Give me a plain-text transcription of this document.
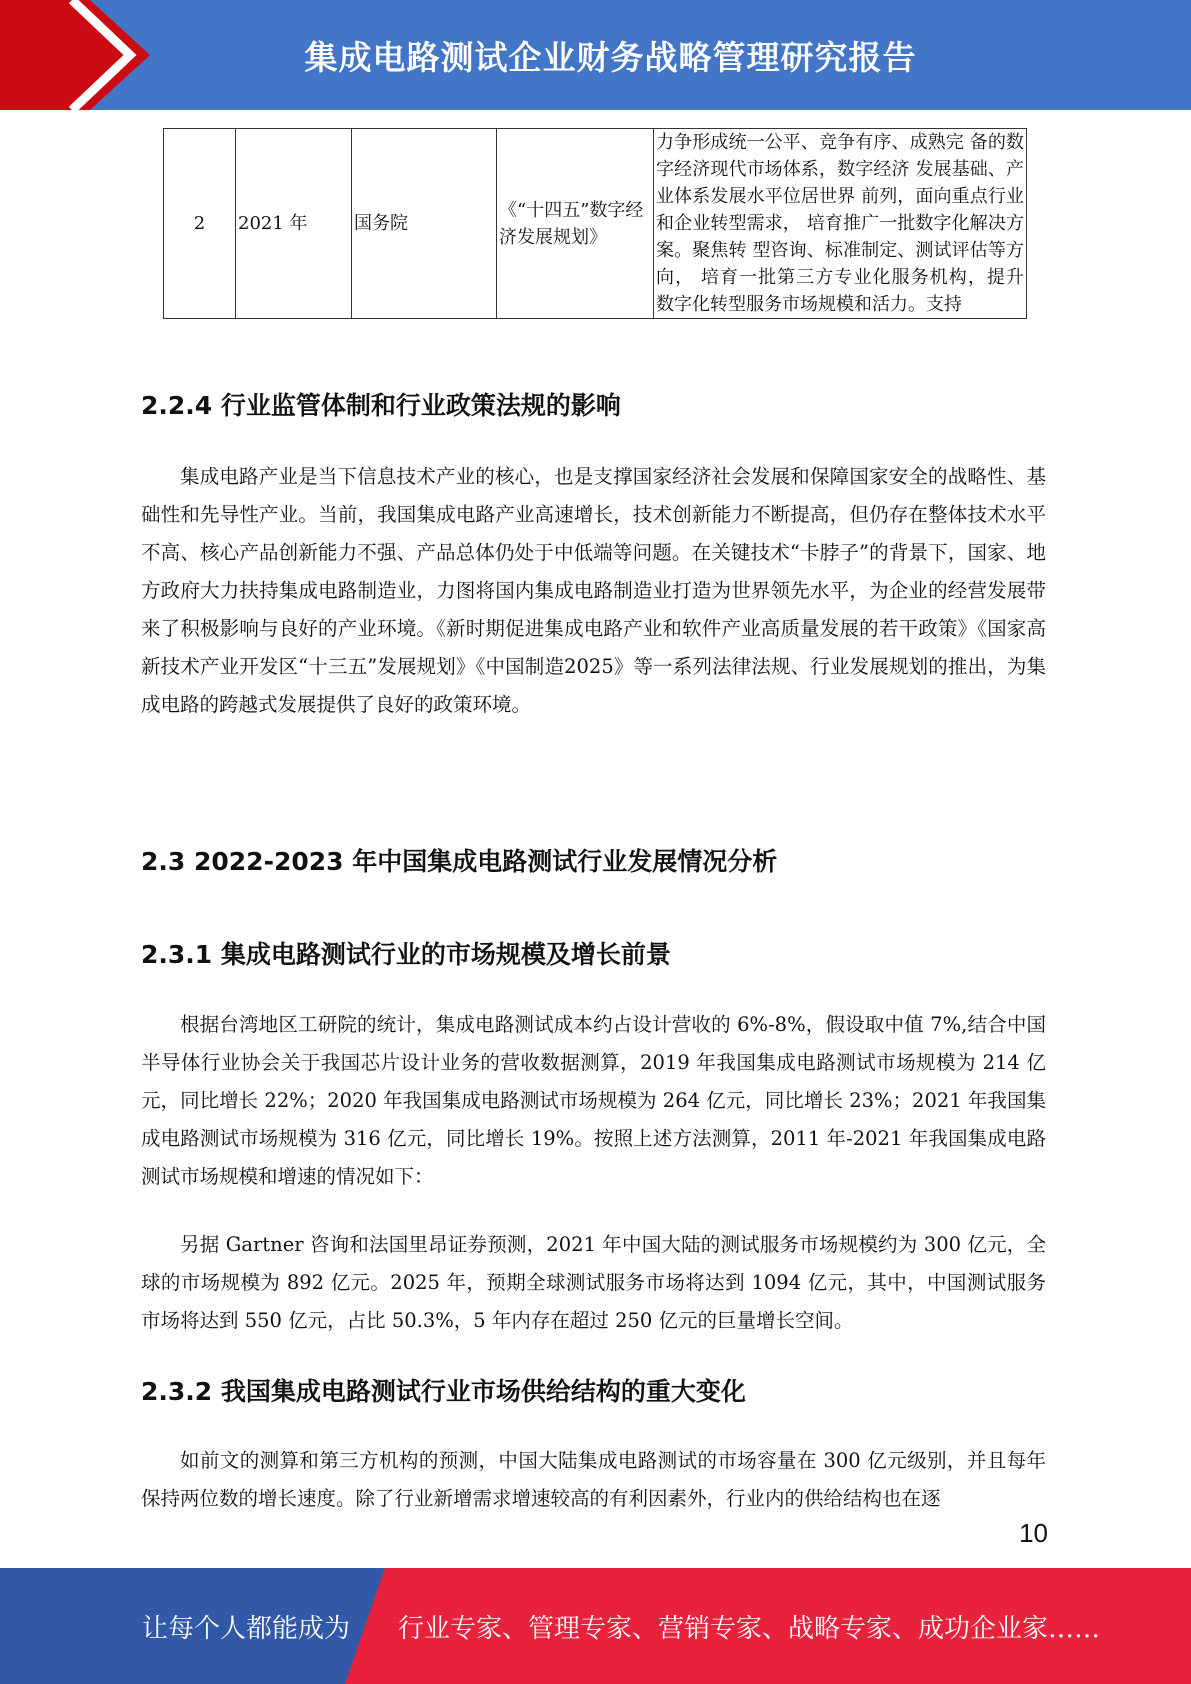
集成电路测试企业财务战略管理研究报告
2	2021 年	国务院	《“十四五”数字经济发展规划》	力争形成统一公平、竞争有序、成熟完 备的数字经济现代市场体系，数字经济 发展基础、产业体系发展水平位居世界 前列，面向重点行业和企业转型需求， 培育推广一批数字化解决方案。聚焦转 型咨询、标准制定、测试评估等方向， 培育一批第三方专业化服务机构，提升 数字化转型服务市场规模和活力。支持
2.2.4 行业监管体制和行业政策法规的影响
集成电路产业是当下信息技术产业的核心，也是支撑国家经济社会发展和保障国家安全的战略性、基础性和先导性产业。当前，我国集成电路产业高速增长，技术创新能力不断提高，但仍存在整体技术水平不高、核心产品创新能力不强、产品总体仍处于中低端等问题。在关键技术“卡脖子”的背景下，国家、地方政府大力扶持集成电路制造业，力图将国内集成电路制造业打造为世界领先水平，为企业的经营发展带来了积极影响与良好的产业环境。《新时期促进集成电路产业和软件产业高质量发展的若干政策》《国家高新技术产业开发区“十三五”发展规划》《中国制造2025》等一系列法律法规、行业发展规划的推出，为集成电路的跨越式发展提供了良好的政策环境。
2.3 2022-2023 年中国集成电路测试行业发展情况分析
2.3.1 集成电路测试行业的市场规模及增长前景
根据台湾地区工研院的统计，集成电路测试成本约占设计营收的 6%-8%，假设取中值 7%,结合中国半导体行业协会关于我国芯片设计业务的营收数据测算，2019 年我国集成电路测试市场规模为 214 亿元，同比增长 22%；2020 年我国集成电路测试市场规模为 264 亿元，同比增长 23%；2021 年我国集成电路测试市场规模为 316 亿元，同比增长 19%。按照上述方法测算，2011 年-2021 年我国集成电路测试市场规模和增速的情况如下：
另据 Gartner 咨询和法国里昂证券预测，2021 年中国大陆的测试服务市场规模约为 300 亿元，全球的市场规模为 892 亿元。2025 年，预期全球测试服务市场将达到 1094 亿元，其中，中国测试服务市场将达到 550 亿元，占比 50.3%，5 年内存在超过 250 亿元的巨量增长空间。
2.3.2 我国集成电路测试行业市场供给结构的重大变化
如前文的测算和第三方机构的预测，中国大陆集成电路测试的市场容量在 300 亿元级别，并且每年保持两位数的增长速度。除了行业新增需求增速较高的有利因素外，行业内的供给结构也在逐
10
让每个人都能成为 行业专家、管理专家、营销专家、战略专家、成功企业家……
